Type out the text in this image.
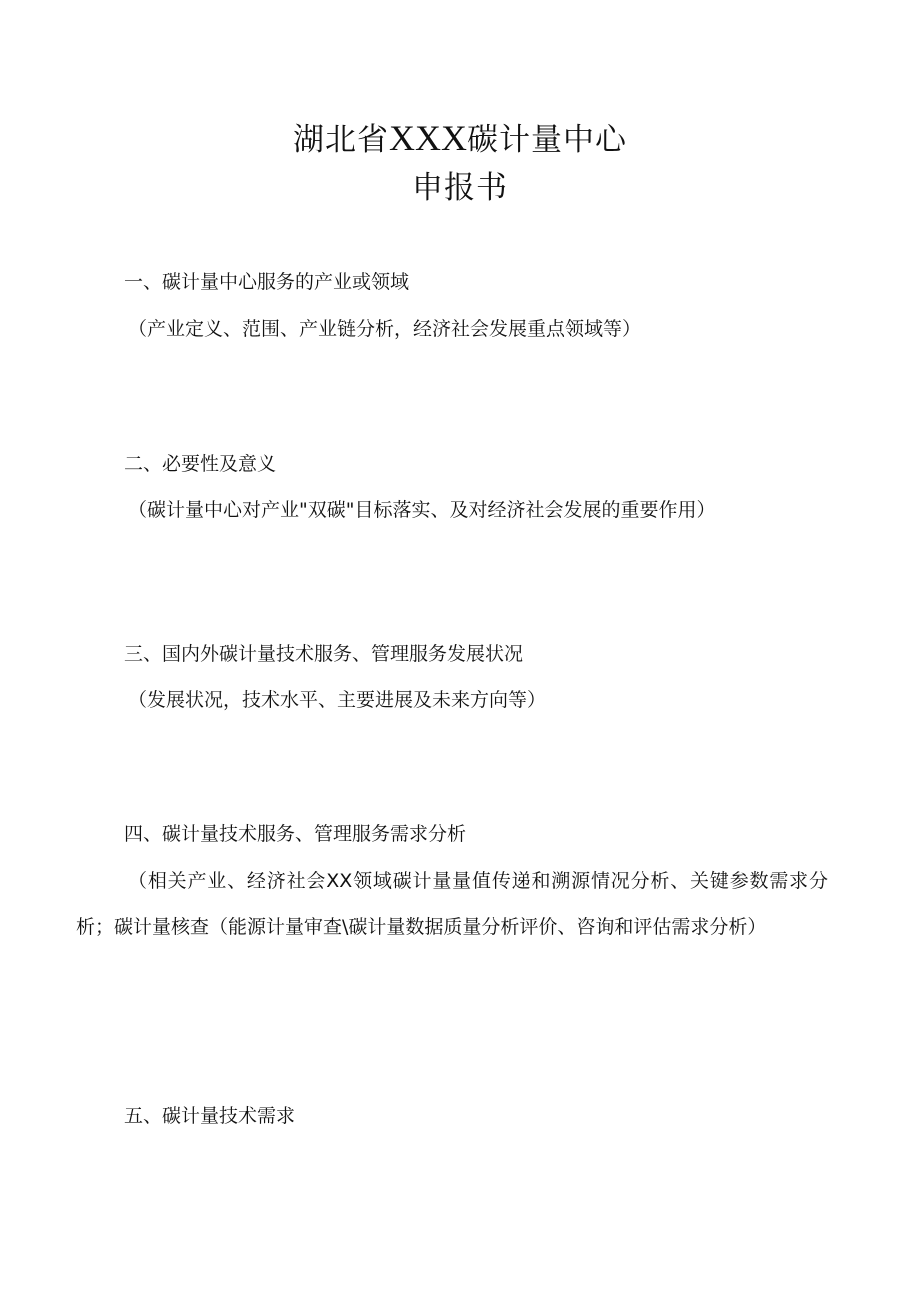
湖北省XXX碳计量中心
申报书
一、碳计量中心服务的产业或领域
（产业定义、范围、产业链分析，经济社会发展重点领域等）
二、必要性及意义
（碳计量中心对产业"双碳"目标落实、及对经济社会发展的重要作用）
三、国内外碳计量技术服务、管理服务发展状况
（发展状况，技术水平、主要进展及未来方向等）
四、碳计量技术服务、管理服务需求分析
（相关产业、经济社会XX领域碳计量量值传递和溯源情况分析、关键参数需求分析；碳计量核查（能源计量审查\碳计量数据质量分析评价、咨询和评估需求分析）
五、碳计量技术需求
